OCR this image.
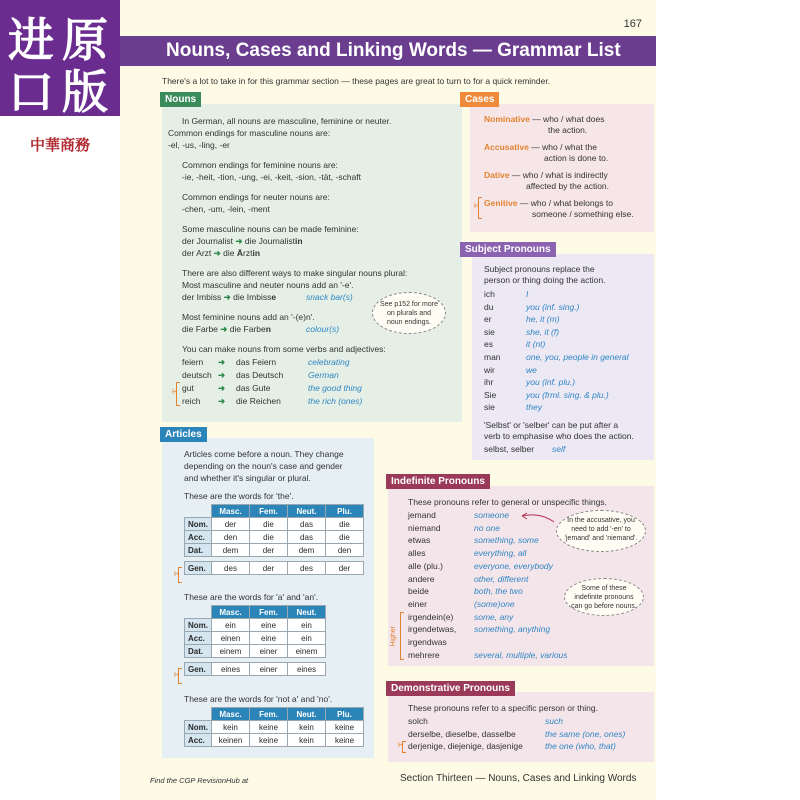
进 原
口 版
中華商務
167
Nouns, Cases and Linking Words — Grammar List
There's a lot to take in for this grammar section — these pages are great to turn to for a quick reminder.
Nouns
In German, all nouns are masculine, feminine or neuter.
Common endings for masculine nouns are:
-el, -us, -ling, -er
Common endings for feminine nouns are:
-ie, -heit, -tion, -ung, -ei, -keit, -sion, -tät, -schaft
Common endings for neuter nouns are:
-chen, -um, -lein, -ment
Some masculine nouns can be made feminine:
der Journalist ➜ die Journalistin
der Arzt ➜ die Ärztin
There are also different ways to make singular nouns plural:
Most masculine and neuter nouns add an '-e'.
der Imbiss ➜ die Imbisse	snack bar(s)
Most feminine nouns add an '-(e)n'.
die Farbe ➜ die Farben	colour(s)
See p152 for more on plurals and noun endings.
You can make nouns from some verbs and adjectives:
feiern ➜ das Feiern	celebrating
deutsch ➜ das Deutsch	German
H gut	➜ das Gute	the good thing
reich ➜ die Reichen	the rich (ones)
Cases
Nominative — who / what does
the action.
Accusative — who / what the
action is done to.
Dative — who / what is indirectly
affected by the action.
H Genitive — who / what belongs to
someone / something else.
Subject Pronouns
Subject pronouns replace the
person or thing doing the action.
ich	I
du	you (inf. sing.)
er	he, it (m)
sie	she, it (f)
es	it (nt)
man	one, you, people in general
wir	we
ihr	you (inf. plu.)
Sie	you (frml. sing. & plu.)
sie	they
'Selbst' or 'selber' can be put after a
verb to emphasise who does the action.
selbst, selber self
Articles
Articles come before a noun. They change
depending on the noun's case and gender
and whether it's singular or plural.
These are the words for 'the'.
	Masc.	Fem.	Neut.	Plu.
Nom.	der	die	das	die
Acc.	den	die	das	die
Dat.	dem	der	dem	den

Gen.	des	der	des	der
H
These are the words for 'a' and 'an'.
	Masc.	Fem.	Neut.
Nom.	ein	eine	ein
Acc.	einen	eine	ein
Dat.	einem	einer	einem

Gen.	eines	einer	eines
H
These are the words for 'not a' and 'no'.
	Masc.	Fem.	Neut.	Plu.
Nom.	kein	keine	kein	keine
Acc.	keinen	keine	kein	keine
Indefinite Pronouns
These pronouns refer to general or unspecific things.
jemand	someone
niemand	no one
etwas	something, some
alles	everything, all
alle (plu.)	everyone, everybody
andere	other, different
beide	both, the two
einer	(some)one
irgendein(e) some, any
irgendetwas, something, anything
irgendwas
mehrere	several, multiple, various
In the accusative, you need to add '-en' to 'jemand' and 'niemand'.
Some of these indefinite pronouns can go before nouns.
Higher
Demonstrative Pronouns
These pronouns refer to a specific person or thing.
solch	such
derselbe, dieselbe, dasselbe	the same (one, ones)
derjenige, diejenige, dasjenige	the one (who, that)
H
Find the CGP RevisionHub at	Section Thirteen — Nouns, Cases and Linking Words
